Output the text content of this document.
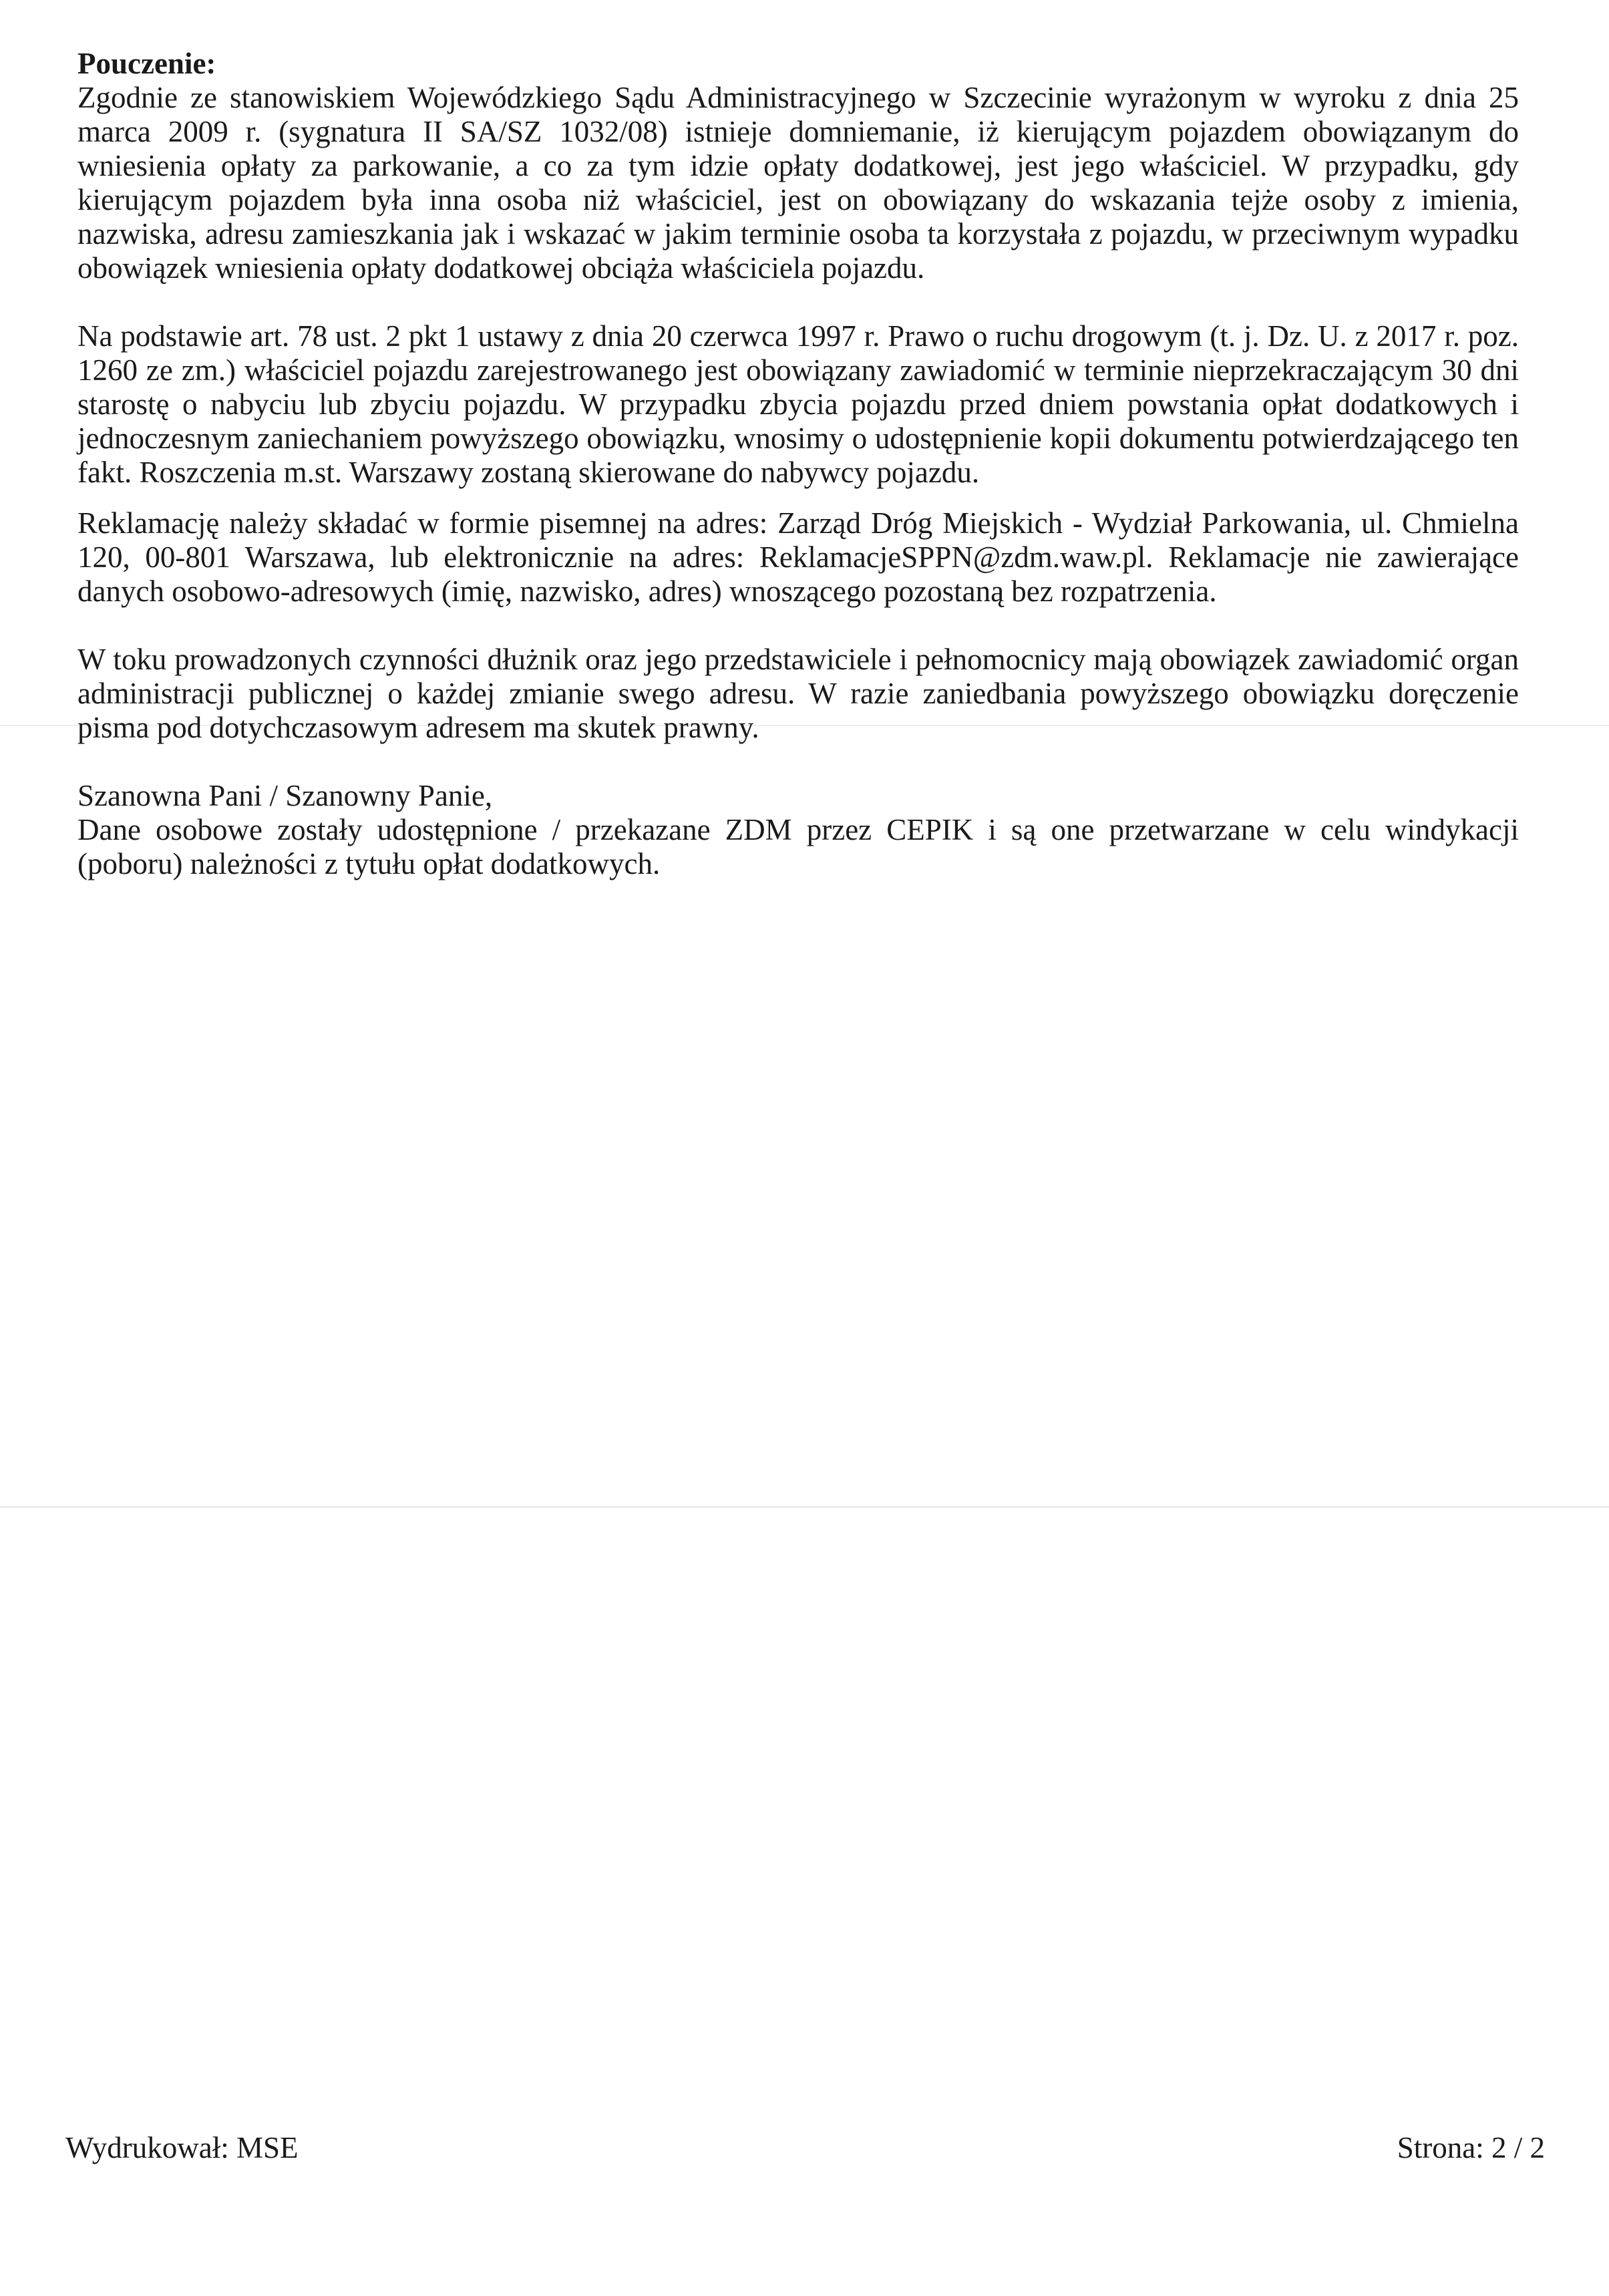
Pouczenie:

Zgodnie ze stanowiskiem Wojewódzkiego Sądu Administracyjnego w Szczecinie wyrażonym w wyroku z dnia 25 marca 2009 r. (sygnatura II SA/SZ 1032/08) istnieje domniemanie, iż kierującym pojazdem obowiązanym do wniesienia opłaty za parkowanie, a co za tym idzie opłaty dodatkowej, jest jego właściciel. W przypadku, gdy kierującym pojazdem była inna osoba niż właściciel, jest on obowiązany do wskazania tejże osoby z imienia, nazwiska, adresu zamieszkania jak i wskazać w jakim terminie osoba ta korzystała z pojazdu, w przeciwnym wypadku obowiązek wniesienia opłaty dodatkowej obciąża właściciela pojazdu.

Na podstawie art. 78 ust. 2 pkt 1 ustawy z dnia 20 czerwca 1997 r. Prawo o ruchu drogowym (t. j. Dz. U. z 2017 r. poz. 1260 ze zm.) właściciel pojazdu zarejestrowanego jest obowiązany zawiadomić w terminie nieprzekraczającym 30 dni starostę o nabyciu lub zbyciu pojazdu. W przypadku zbycia pojazdu przed dniem powstania opłat dodatkowych i jednoczesnym zaniechaniem powyższego obowiązku, wnosimy o udostępnienie kopii dokumentu potwierdzającego ten fakt. Roszczenia m.st. Warszawy zostaną skierowane do nabywcy pojazdu.

Reklamację należy składać w formie pisemnej na adres: Zarząd Dróg Miejskich - Wydział Parkowania, ul. Chmielna 120, 00-801 Warszawa, lub elektronicznie na adres: ReklamacjeSPPN@zdm.waw.pl. Reklamacje nie zawierające danych osobowo-adresowych (imię, nazwisko, adres) wnoszącego pozostaną bez rozpatrzenia.

W toku prowadzonych czynności dłużnik oraz jego przedstawiciele i pełnomocnicy mają obowiązek zawiadomić organ administracji publicznej o każdej zmianie swego adresu. W razie zaniedbania powyższego obowiązku doręczenie pisma pod dotychczasowym adresem ma skutek prawny.

Szanowna Pani / Szanowny Panie,

Dane osobowe zostały udostępnione / przekazane ZDM przez CEPIK i są one przetwarzane w celu windykacji (poboru) należności z tytułu opłat dodatkowych.

Wydrukował: MSE	Strona: 2 / 2
